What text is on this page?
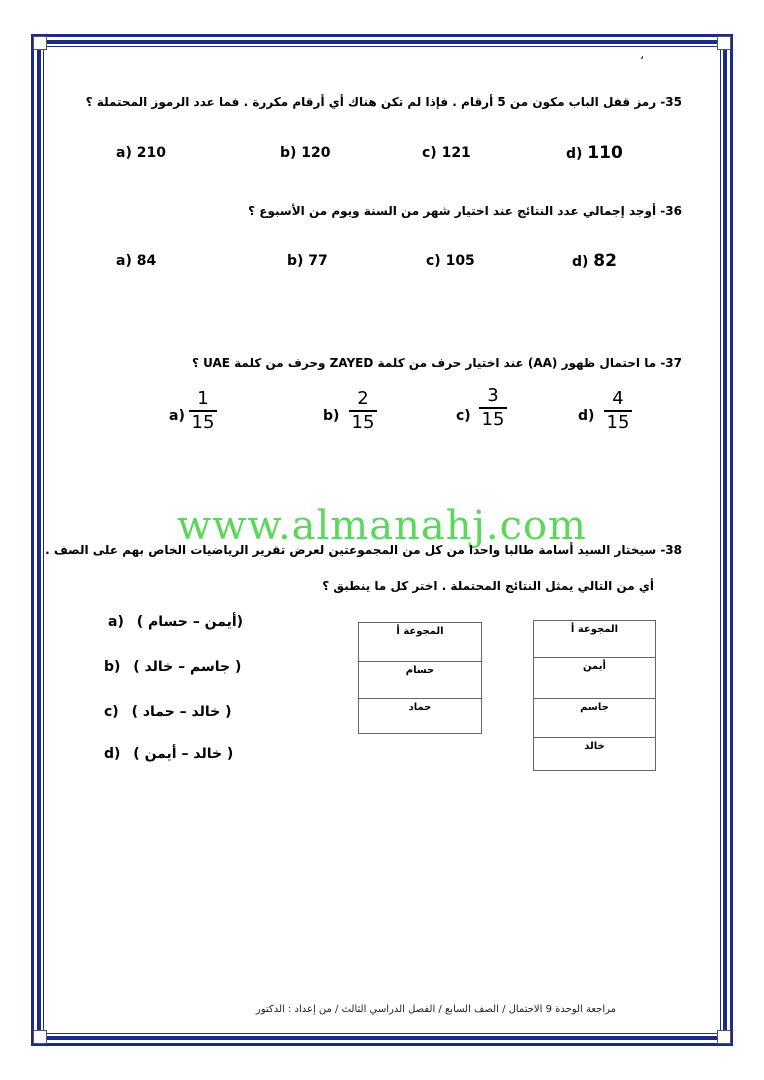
،
35- رمز قفل الباب مكون من 5 أرقام . فإذا لم تكن هناك أي أرقام مكررة . فما عدد الرموز المحتملة ؟
a) 210	b) 120	c) 121	d) 110
36- أوجد إجمالي عدد النتائج عند اختيار شهر من السنة ويوم من الأسبوع ؟
a) 84	b) 77	c) 105	d) 82
37- ما احتمال ظهور (AA) عند اختيار حرف من كلمة ZAYED وحرف من كلمة UAE ؟
a)
1
15	b)
2
15	c)
3
15	d)
4
15
www.almanahj.com
38- سيختار السيد أسامة طالبا واحدا من كل من المجموعتين لعرض تقرير الرياضيات الخاص بهم على الصف .
أي من التالي يمثل النتائج المحتملة . اختر كل ما ينطبق ؟
a) (أيمن – حسام )
b) ( جاسم – خالد )
c) ( خالد – حماد )
d) ( خالد – أيمن )
المجوعة أ
حسام
حماد
المجوعة أ
أيمن
جاسم
خالد
مراجعة الوحدة 9 الاحتمال / الصف السابع / الفصل الدراسي الثالث / من إعداد : الدكتور
